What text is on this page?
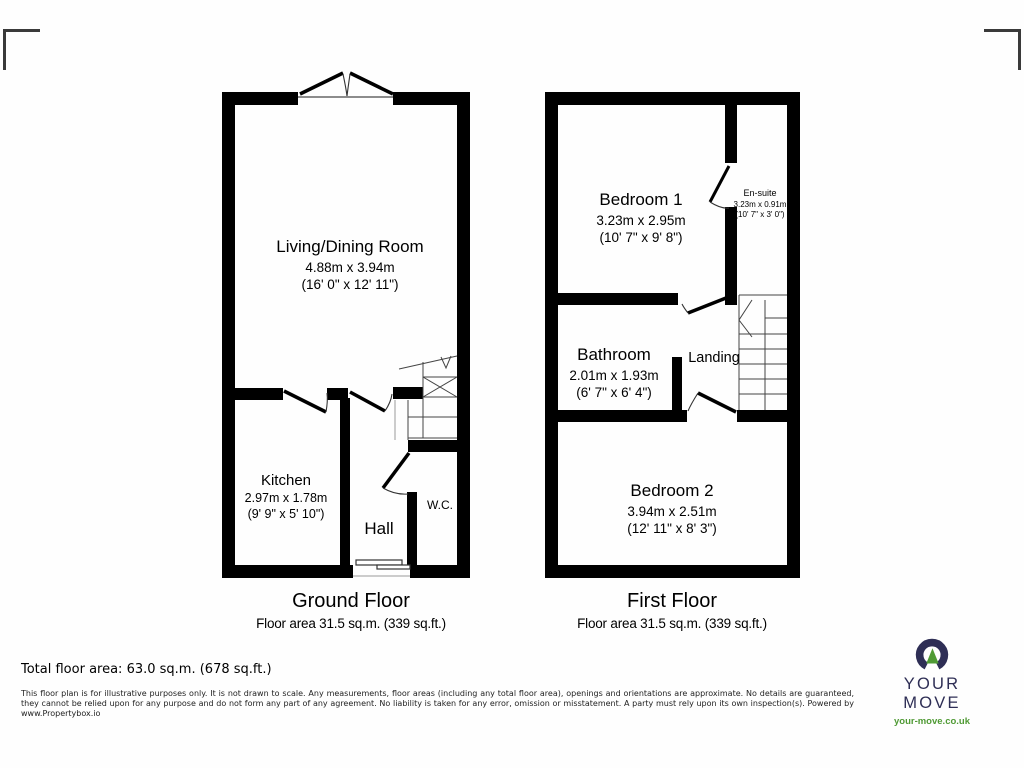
Living/Dining Room
4.88m x 3.94m
(16' 0" x 12' 11")
Kitchen
2.97m x 1.78m
(9' 9" x 5' 10")
Hall
W.C.
Ground Floor
Floor area 31.5 sq.m. (339 sq.ft.)
Bedroom 1
3.23m x 2.95m
(10' 7" x 9' 8")
En-suite
3.23m x 0.91m
(10' 7" x 3' 0")
Bathroom
2.01m x 1.93m
(6' 7" x 6' 4")
Landing
Bedroom 2
3.94m x 2.51m
(12' 11" x 8' 3")
First Floor
Floor area 31.5 sq.m. (339 sq.ft.)
Total floor area: 63.0 sq.m. (678 sq.ft.)
This floor plan is for illustrative purposes only. It is not drawn to scale. Any measurements, floor areas (including any total floor area), openings and orientations are approximate. No details are guaranteed, they cannot be relied upon for any purpose and do not form any part of any agreement. No liability is taken for any error, omission or misstatement. A party must rely upon its own inspection(s). Powered by www.Propertybox.io
YOUR MOVE
your-move.co.uk
